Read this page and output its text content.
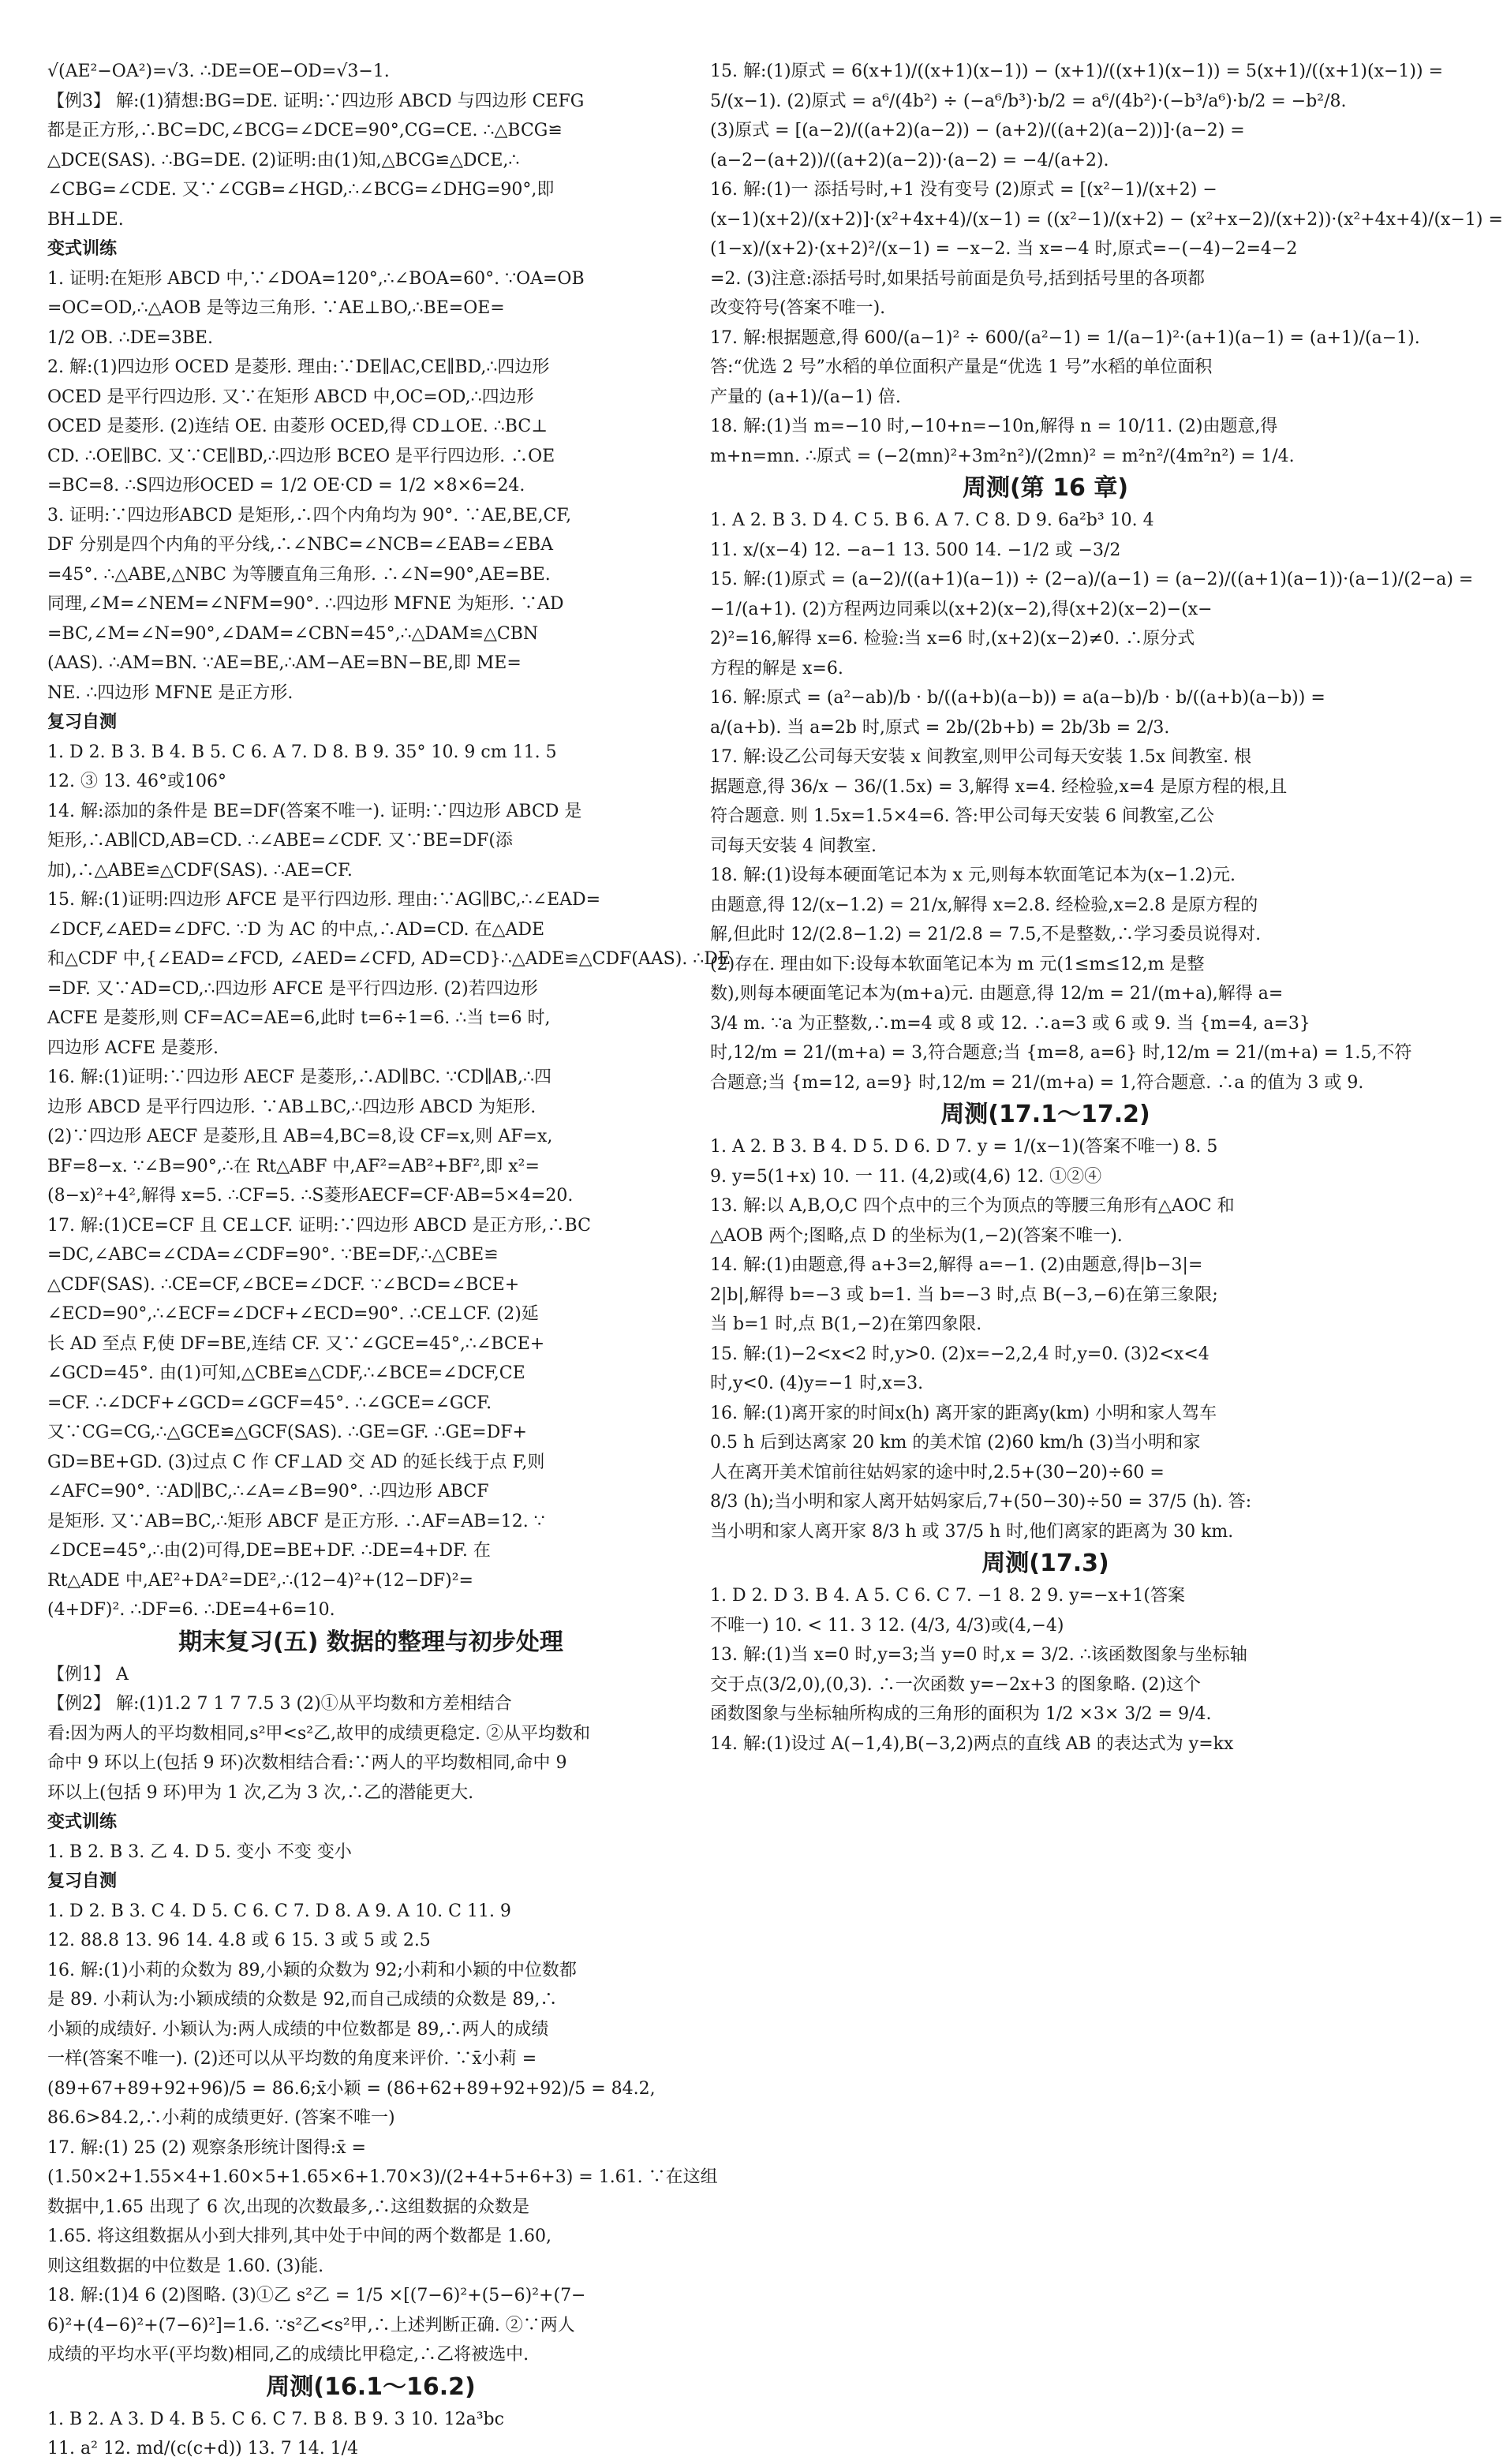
√(AE²−OA²)=√3. ∴DE=OE−OD=√3−1.
【例3】 解:(1)猜想:BG=DE. 证明:∵四边形 ABCD 与四边形 CEFG
都是正方形,∴BC=DC,∠BCG=∠DCE=90°,CG=CE. ∴△BCG≌
△DCE(SAS). ∴BG=DE. (2)证明:由(1)知,△BCG≌△DCE,∴
∠CBG=∠CDE. 又∵∠CGB=∠HGD,∴∠BCG=∠DHG=90°,即
BH⊥DE.
变式训练
1. 证明:在矩形 ABCD 中,∵∠DOA=120°,∴∠BOA=60°. ∵OA=OB
=OC=OD,∴△AOB 是等边三角形. ∵AE⊥BO,∴BE=OE=
1/2 OB. ∴DE=3BE.
2. 解:(1)四边形 OCED 是菱形. 理由:∵DE∥AC,CE∥BD,∴四边形
OCED 是平行四边形. 又∵在矩形 ABCD 中,OC=OD,∴四边形
OCED 是菱形. (2)连结 OE. 由菱形 OCED,得 CD⊥OE. ∴BC⊥
CD. ∴OE∥BC. 又∵CE∥BD,∴四边形 BCEO 是平行四边形. ∴OE
=BC=8. ∴S四边形OCED = 1/2 OE·CD = 1/2 ×8×6=24.
3. 证明:∵四边形ABCD 是矩形,∴四个内角均为 90°. ∵AE,BE,CF,
DF 分别是四个内角的平分线,∴∠NBC=∠NCB=∠EAB=∠EBA
=45°. ∴△ABE,△NBC 为等腰直角三角形. ∴∠N=90°,AE=BE.
同理,∠M=∠NEM=∠NFM=90°. ∴四边形 MFNE 为矩形. ∵AD
=BC,∠M=∠N=90°,∠DAM=∠CBN=45°,∴△DAM≌△CBN
(AAS). ∴AM=BN. ∵AE=BE,∴AM−AE=BN−BE,即 ME=
NE. ∴四边形 MFNE 是正方形.
复习自测
1. D 2. B 3. B 4. B 5. C 6. A 7. D 8. B 9. 35° 10. 9 cm 11. 5
12. ③ 13. 46°或106°
14. 解:添加的条件是 BE=DF(答案不唯一). 证明:∵四边形 ABCD 是
矩形,∴AB∥CD,AB=CD. ∴∠ABE=∠CDF. 又∵BE=DF(添
加),∴△ABE≌△CDF(SAS). ∴AE=CF.
15. 解:(1)证明:四边形 AFCE 是平行四边形. 理由:∵AG∥BC,∴∠EAD=
∠DCF,∠AED=∠DFC. ∵D 为 AC 的中点,∴AD=CD. 在△ADE
和△CDF 中,{∠EAD=∠FCD, ∠AED=∠CFD, AD=CD}∴△ADE≌△CDF(AAS). ∴DE
=DF. 又∵AD=CD,∴四边形 AFCE 是平行四边形. (2)若四边形
ACFE 是菱形,则 CF=AC=AE=6,此时 t=6÷1=6. ∴当 t=6 时,
四边形 ACFE 是菱形.
16. 解:(1)证明:∵四边形 AECF 是菱形,∴AD∥BC. ∵CD∥AB,∴四
边形 ABCD 是平行四边形. ∵AB⊥BC,∴四边形 ABCD 为矩形.
(2)∵四边形 AECF 是菱形,且 AB=4,BC=8,设 CF=x,则 AF=x,
BF=8−x. ∵∠B=90°,∴在 Rt△ABF 中,AF²=AB²+BF²,即 x²=
(8−x)²+4²,解得 x=5. ∴CF=5. ∴S菱形AECF=CF·AB=5×4=20.
17. 解:(1)CE=CF 且 CE⊥CF. 证明:∵四边形 ABCD 是正方形,∴BC
=DC,∠ABC=∠CDA=∠CDF=90°. ∵BE=DF,∴△CBE≌
△CDF(SAS). ∴CE=CF,∠BCE=∠DCF. ∵∠BCD=∠BCE+
∠ECD=90°,∴∠ECF=∠DCF+∠ECD=90°. ∴CE⊥CF. (2)延
长 AD 至点 F,使 DF=BE,连结 CF. 又∵∠GCE=45°,∴∠BCE+
∠GCD=45°. 由(1)可知,△CBE≌△CDF,∴∠BCE=∠DCF,CE
=CF. ∴∠DCF+∠GCD=∠GCF=45°. ∴∠GCE=∠GCF.
又∵CG=CG,∴△GCE≌△GCF(SAS). ∴GE=GF. ∴GE=DF+
GD=BE+GD. (3)过点 C 作 CF⊥AD 交 AD 的延长线于点 F,则
∠AFC=90°. ∵AD∥BC,∴∠A=∠B=90°. ∴四边形 ABCF
是矩形. 又∵AB=BC,∴矩形 ABCF 是正方形. ∴AF=AB=12. ∵
∠DCE=45°,∴由(2)可得,DE=BE+DF. ∴DE=4+DF. 在
Rt△ADE 中,AE²+DA²=DE²,∴(12−4)²+(12−DF)²=
(4+DF)². ∴DF=6. ∴DE=4+6=10.
期末复习(五) 数据的整理与初步处理
【例1】 A
【例2】 解:(1)1.2 7 1 7 7.5 3 (2)①从平均数和方差相结合
看:因为两人的平均数相同,s²甲<s²乙,故甲的成绩更稳定. ②从平均数和
命中 9 环以上(包括 9 环)次数相结合看:∵两人的平均数相同,命中 9
环以上(包括 9 环)甲为 1 次,乙为 3 次,∴乙的潜能更大.
变式训练
1. B 2. B 3. 乙 4. D 5. 变小 不变 变小
复习自测
1. D 2. B 3. C 4. D 5. C 6. C 7. D 8. A 9. A 10. C 11. 9
12. 88.8 13. 96 14. 4.8 或 6 15. 3 或 5 或 2.5
16. 解:(1)小莉的众数为 89,小颖的众数为 92;小莉和小颖的中位数都
是 89. 小莉认为:小颖成绩的众数是 92,而自己成绩的众数是 89,∴
小颖的成绩好. 小颖认为:两人成绩的中位数都是 89,∴两人的成绩
一样(答案不唯一). (2)还可以从平均数的角度来评价. ∵x̄小莉 =
(89+67+89+92+96)/5 = 86.6;x̄小颖 = (86+62+89+92+92)/5 = 84.2,
86.6>84.2,∴小莉的成绩更好. (答案不唯一)
17. 解:(1) 25 (2) 观察条形统计图得:x̄ =
(1.50×2+1.55×4+1.60×5+1.65×6+1.70×3)/(2+4+5+6+3) = 1.61. ∵在这组
数据中,1.65 出现了 6 次,出现的次数最多,∴这组数据的众数是
1.65. 将这组数据从小到大排列,其中处于中间的两个数都是 1.60,
则这组数据的中位数是 1.60. (3)能.
18. 解:(1)4 6 (2)图略. (3)①乙 s²乙 = 1/5 ×[(7−6)²+(5−6)²+(7−
6)²+(4−6)²+(7−6)²]=1.6. ∵s²乙<s²甲,∴上述判断正确. ②∵两人
成绩的平均水平(平均数)相同,乙的成绩比甲稳定,∴乙将被选中.
周测(16.1～16.2)
1. B 2. A 3. D 4. B 5. C 6. C 7. B 8. B 9. 3 10. 12a³bc
11. a² 12. md/(c(c+d)) 13. 7 14. 1/4
15. 解:(1)原式 = 6(x+1)/((x+1)(x−1)) − (x+1)/((x+1)(x−1)) = 5(x+1)/((x+1)(x−1)) =
5/(x−1). (2)原式 = a⁶/(4b²) ÷ (−a⁶/b³)·b/2 = a⁶/(4b²)·(−b³/a⁶)·b/2 = −b²/8.
(3)原式 = [(a−2)/((a+2)(a−2)) − (a+2)/((a+2)(a−2))]·(a−2) =
(a−2−(a+2))/((a+2)(a−2))·(a−2) = −4/(a+2).
16. 解:(1)一 添括号时,+1 没有变号 (2)原式 = [(x²−1)/(x+2) −
(x−1)(x+2)/(x+2)]·(x²+4x+4)/(x−1) = ((x²−1)/(x+2) − (x²+x−2)/(x+2))·(x²+4x+4)/(x−1) =
(1−x)/(x+2)·(x+2)²/(x−1) = −x−2. 当 x=−4 时,原式=−(−4)−2=4−2
=2. (3)注意:添括号时,如果括号前面是负号,括到括号里的各项都
改变符号(答案不唯一).
17. 解:根据题意,得 600/(a−1)² ÷ 600/(a²−1) = 1/(a−1)²·(a+1)(a−1) = (a+1)/(a−1).
答:“优选 2 号”水稻的单位面积产量是“优选 1 号”水稻的单位面积
产量的 (a+1)/(a−1) 倍.
18. 解:(1)当 m=−10 时,−10+n=−10n,解得 n = 10/11. (2)由题意,得
m+n=mn. ∴原式 = (−2(mn)²+3m²n²)/(2mn)² = m²n²/(4m²n²) = 1/4.
周测(第 16 章)
1. A 2. B 3. D 4. C 5. B 6. A 7. C 8. D 9. 6a²b³ 10. 4
11. x/(x−4) 12. −a−1 13. 500 14. −1/2 或 −3/2
15. 解:(1)原式 = (a−2)/((a+1)(a−1)) ÷ (2−a)/(a−1) = (a−2)/((a+1)(a−1))·(a−1)/(2−a) =
−1/(a+1). (2)方程两边同乘以(x+2)(x−2),得(x+2)(x−2)−(x−
2)²=16,解得 x=6. 检验:当 x=6 时,(x+2)(x−2)≠0. ∴原分式
方程的解是 x=6.
16. 解:原式 = (a²−ab)/b · b/((a+b)(a−b)) = a(a−b)/b · b/((a+b)(a−b)) =
a/(a+b). 当 a=2b 时,原式 = 2b/(2b+b) = 2b/3b = 2/3.
17. 解:设乙公司每天安装 x 间教室,则甲公司每天安装 1.5x 间教室. 根
据题意,得 36/x − 36/(1.5x) = 3,解得 x=4. 经检验,x=4 是原方程的根,且
符合题意. 则 1.5x=1.5×4=6. 答:甲公司每天安装 6 间教室,乙公
司每天安装 4 间教室.
18. 解:(1)设每本硬面笔记本为 x 元,则每本软面笔记本为(x−1.2)元.
由题意,得 12/(x−1.2) = 21/x,解得 x=2.8. 经检验,x=2.8 是原方程的
解,但此时 12/(2.8−1.2) = 21/2.8 = 7.5,不是整数,∴学习委员说得对.
(2)存在. 理由如下:设每本软面笔记本为 m 元(1≤m≤12,m 是整
数),则每本硬面笔记本为(m+a)元. 由题意,得 12/m = 21/(m+a),解得 a=
3/4 m. ∵a 为正整数,∴m=4 或 8 或 12. ∴a=3 或 6 或 9. 当 {m=4, a=3}
时,12/m = 21/(m+a) = 3,符合题意;当 {m=8, a=6} 时,12/m = 21/(m+a) = 1.5,不符
合题意;当 {m=12, a=9} 时,12/m = 21/(m+a) = 1,符合题意. ∴a 的值为 3 或 9.
周测(17.1～17.2)
1. A 2. B 3. B 4. D 5. D 6. D 7. y = 1/(x−1)(答案不唯一) 8. 5
9. y=5(1+x) 10. 一 11. (4,2)或(4,6) 12. ①②④
13. 解:以 A,B,O,C 四个点中的三个为顶点的等腰三角形有△AOC 和
△AOB 两个;图略,点 D 的坐标为(1,−2)(答案不唯一).
14. 解:(1)由题意,得 a+3=2,解得 a=−1. (2)由题意,得|b−3|=
2|b|,解得 b=−3 或 b=1. 当 b=−3 时,点 B(−3,−6)在第三象限;
当 b=1 时,点 B(1,−2)在第四象限.
15. 解:(1)−2<x<2 时,y>0. (2)x=−2,2,4 时,y=0. (3)2<x<4
时,y<0. (4)y=−1 时,x=3.
16. 解:(1)离开家的时间x(h) 离开家的距离y(km) 小明和家人驾车
0.5 h 后到达离家 20 km 的美术馆 (2)60 km/h (3)当小明和家
人在离开美术馆前往姑妈家的途中时,2.5+(30−20)÷60 =
8/3 (h);当小明和家人离开姑妈家后,7+(50−30)÷50 = 37/5 (h). 答:
当小明和家人离开家 8/3 h 或 37/5 h 时,他们离家的距离为 30 km.
周测(17.3)
1. D 2. D 3. B 4. A 5. C 6. C 7. −1 8. 2 9. y=−x+1(答案
不唯一) 10. < 11. 3 12. (4/3, 4/3)或(4,−4)
13. 解:(1)当 x=0 时,y=3;当 y=0 时,x = 3/2. ∴该函数图象与坐标轴
交于点(3/2,0),(0,3). ∴一次函数 y=−2x+3 的图象略. (2)这个
函数图象与坐标轴所构成的三角形的面积为 1/2 ×3× 3/2 = 9/4.
14. 解:(1)设过 A(−1,4),B(−3,2)两点的直线 AB 的表达式为 y=kx
